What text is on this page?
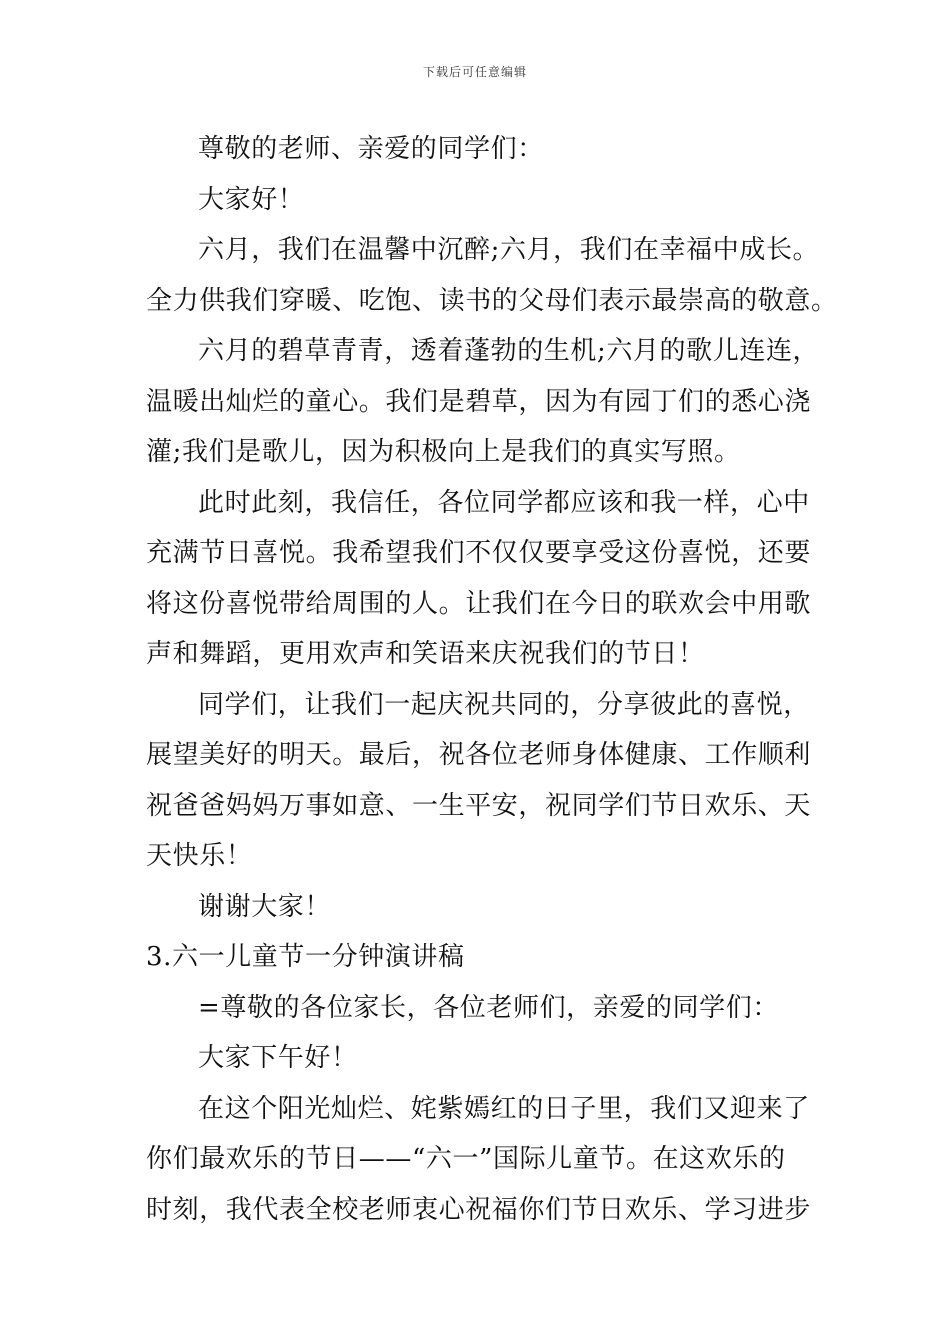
下载后可任意编辑
尊敬的老师、亲爱的同学们：
大家好！
六月，我们在温馨中沉醉;六月，我们在幸福中成长。
全力供我们穿暖、吃饱、读书的父母们表示最崇高的敬意。
六月的碧草青青，透着蓬勃的生机;六月的歌儿连连，
温暖出灿烂的童心。我们是碧草，因为有园丁们的悉心浇
灌;我们是歌儿，因为积极向上是我们的真实写照。
此时此刻，我信任，各位同学都应该和我一样，心中
充满节日喜悦。我希望我们不仅仅要享受这份喜悦，还要
将这份喜悦带给周围的人。让我们在今日的联欢会中用歌
声和舞蹈，更用欢声和笑语来庆祝我们的节日！
同学们，让我们一起庆祝共同的，分享彼此的喜悦，
展望美好的明天。最后，祝各位老师身体健康、工作顺利
祝爸爸妈妈万事如意、一生平安，祝同学们节日欢乐、天
天快乐！
谢谢大家！
3.六一儿童节一分钟演讲稿
=尊敬的各位家长，各位老师们，亲爱的同学们：
大家下午好！
在这个阳光灿烂、姹紫嫣红的日子里，我们又迎来了
你们最欢乐的节日——“六一”国际儿童节。在这欢乐的
时刻，我代表全校老师衷心祝福你们节日欢乐、学习进步
